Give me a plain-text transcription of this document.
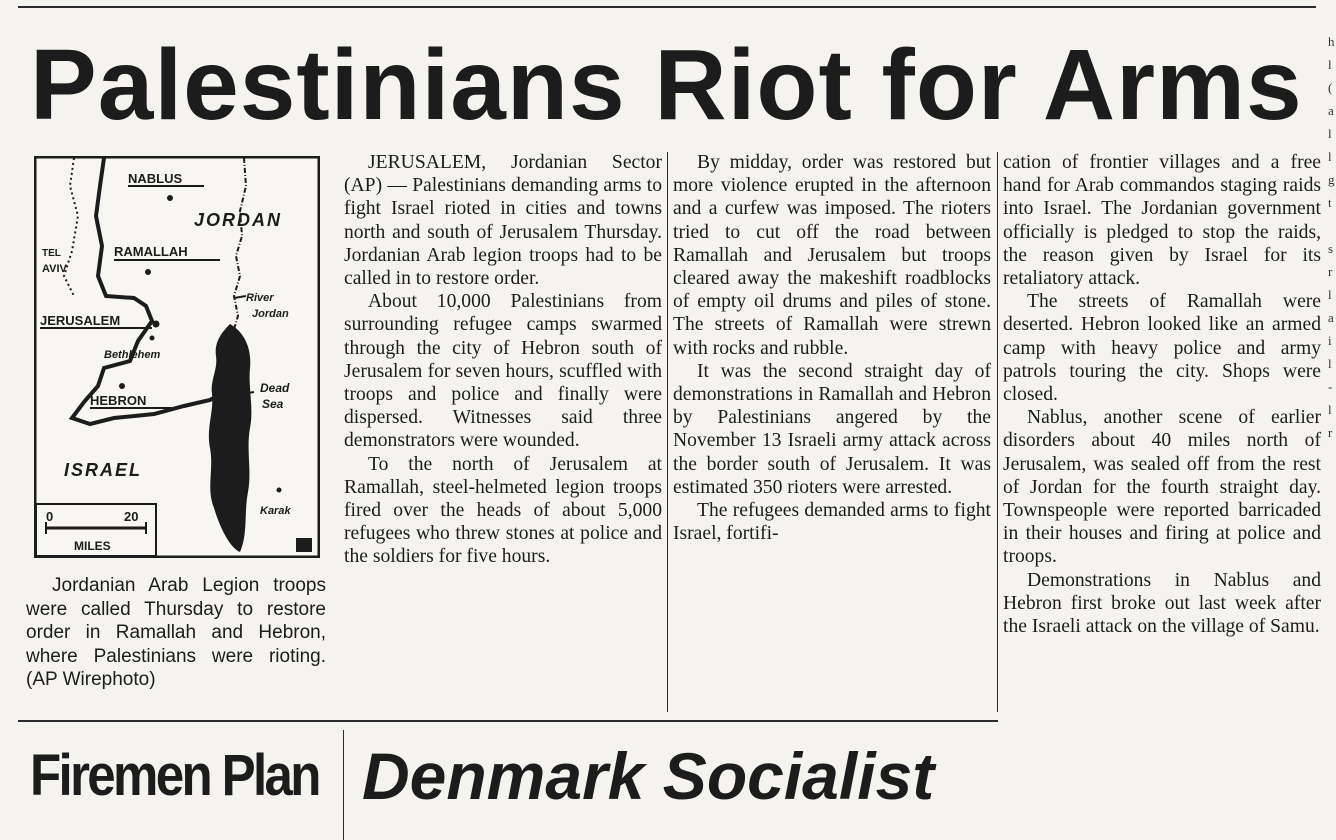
Palestinians Riot for Arms
NABLUS
JORDAN
TEL
AVIV
RAMALLAH
River
Jordan
JERUSALEM
Bethlehem
Dead
Sea
HEBRON
ISRAEL
Karak
0	20
MILES

Jordanian Arab Legion troops were called Thursday to restore order in Ramallah and Hebron, where Palestinians were rioting. (AP Wirephoto)

JERUSALEM, Jordanian Sector (AP) — Palestinians demanding arms to fight Israel rioted in cities and towns north and south of Jerusalem Thursday. Jordanian Arab legion troops had to be called in to restore order.

About 10,000 Palestinians from surrounding refugee camps swarmed through the city of Hebron south of Jerusalem for seven hours, scuffled with troops and police and finally were dispersed. Witnesses said three demonstrators were wounded.

To the north of Jerusalem at Ramallah, steel-helmeted legion troops fired over the heads of about 5,000 refugees who threw stones at police and the soldiers for five hours.

By midday, order was restored but more violence erupted in the afternoon and a curfew was imposed. The rioters tried to cut off the road between Ramallah and Jerusalem but troops cleared away the makeshift roadblocks of empty oil drums and piles of stone. The streets of Ramallah were strewn with rocks and rubble.

It was the second straight day of demonstrations in Ramallah and Hebron by Palestinians angered by the November 13 Israeli army attack across the border south of Jerusalem. It was estimated 350 rioters were arrested.

The refugees demanded arms to fight Israel, fortifi-

cation of frontier villages and a free hand for Arab commandos staging raids into Israel. The Jordanian government officially is pledged to stop the raids, the reason given by Israel for its retaliatory attack.

The streets of Ramallah were deserted. Hebron looked like an armed camp with heavy police and army patrols touring the city. Shops were closed.

Nablus, another scene of earlier disorders about 40 miles north of Jerusalem, was sealed off from the rest of Jordan for the fourth straight day. Townspeople were reported barricaded in their houses and firing at police and troops.

Demonstrations in Nablus and Hebron first broke out last week after the Israeli attack on the village of Samu.

Firemen Plan Denmark Socialist
h
l
(
a
l
l
g
t

s
r
l
a
i
l
-
l
r
